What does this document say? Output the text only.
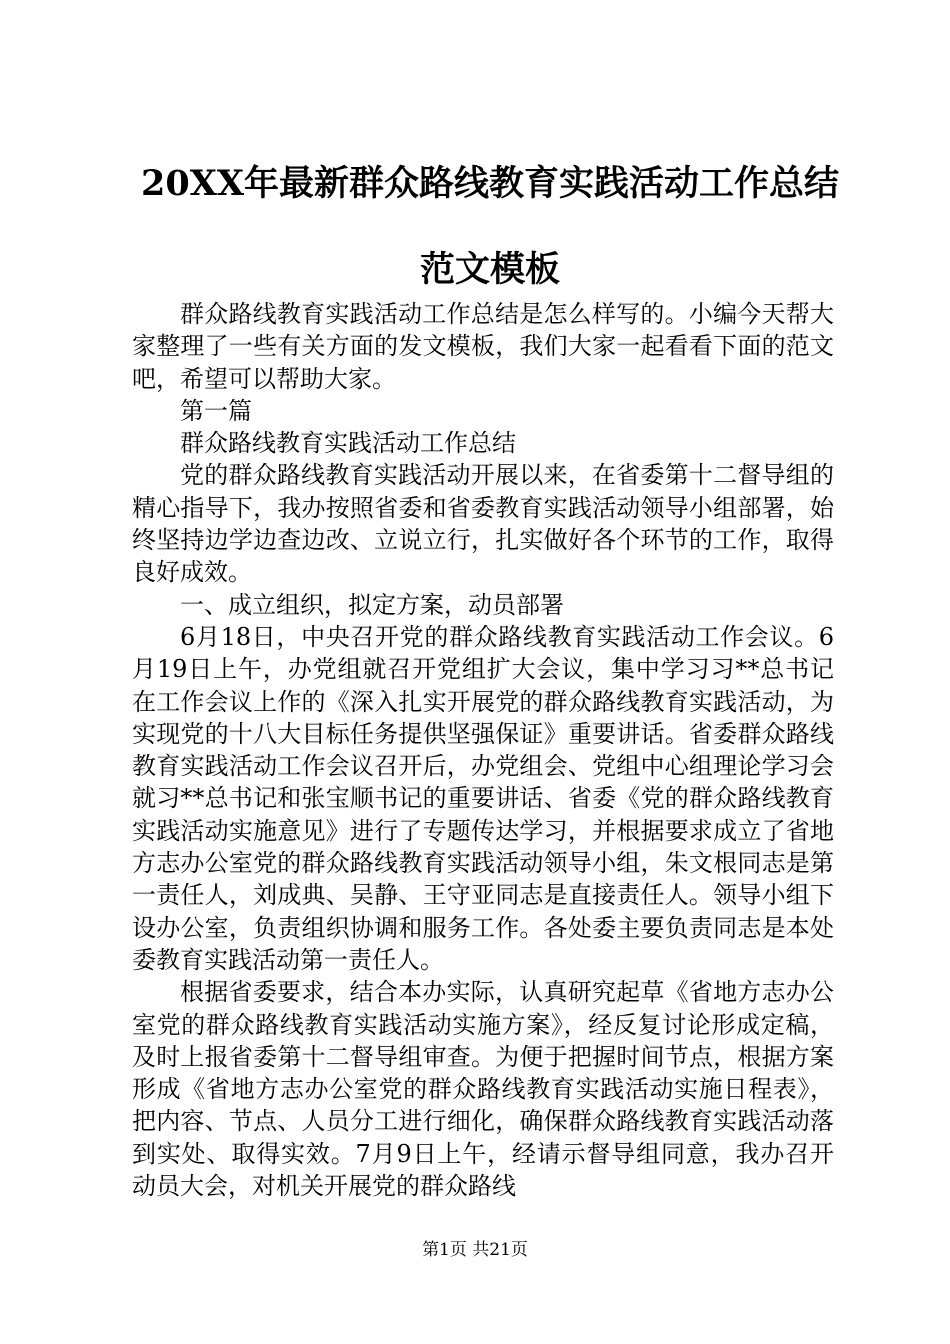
20XX年最新群众路线教育实践活动工作总结
范文模板

群众路线教育实践活动工作总结是怎么样写的。小编今天帮大家整理了一些有关方面的发文模板，我们大家一起看看下面的范文吧，希望可以帮助大家。

第一篇

群众路线教育实践活动工作总结

党的群众路线教育实践活动开展以来，在省委第十二督导组的精心指导下，我办按照省委和省委教育实践活动领导小组部署，始终坚持边学边查边改、立说立行，扎实做好各个环节的工作，取得良好成效。

一、成立组织，拟定方案，动员部署

6月18日，中央召开党的群众路线教育实践活动工作会议。6月19日上午，办党组就召开党组扩大会议，集中学习习**总书记在工作会议上作的《深入扎实开展党的群众路线教育实践活动，为实现党的十八大目标任务提供坚强保证》重要讲话。省委群众路线教育实践活动工作会议召开后，办党组会、党组中心组理论学习会就习**总书记和张宝顺书记的重要讲话、省委《党的群众路线教育实践活动实施意见》进行了专题传达学习，并根据要求成立了省地方志办公室党的群众路线教育实践活动领导小组，朱文根同志是第一责任人，刘成典、吴静、王守亚同志是直接责任人。领导小组下设办公室，负责组织协调和服务工作。各处委主要负责同志是本处委教育实践活动第一责任人。

根据省委要求，结合本办实际，认真研究起草《省地方志办公室党的群众路线教育实践活动实施方案》，经反复讨论形成定稿，及时上报省委第十二督导组审查。为便于把握时间节点，根据方案形成《省地方志办公室党的群众路线教育实践活动实施日程表》，把内容、节点、人员分工进行细化，确保群众路线教育实践活动落到实处、取得实效。7月9日上午，经请示督导组同意，我办召开动员大会，对机关开展党的群众路线

第1页 共21页
